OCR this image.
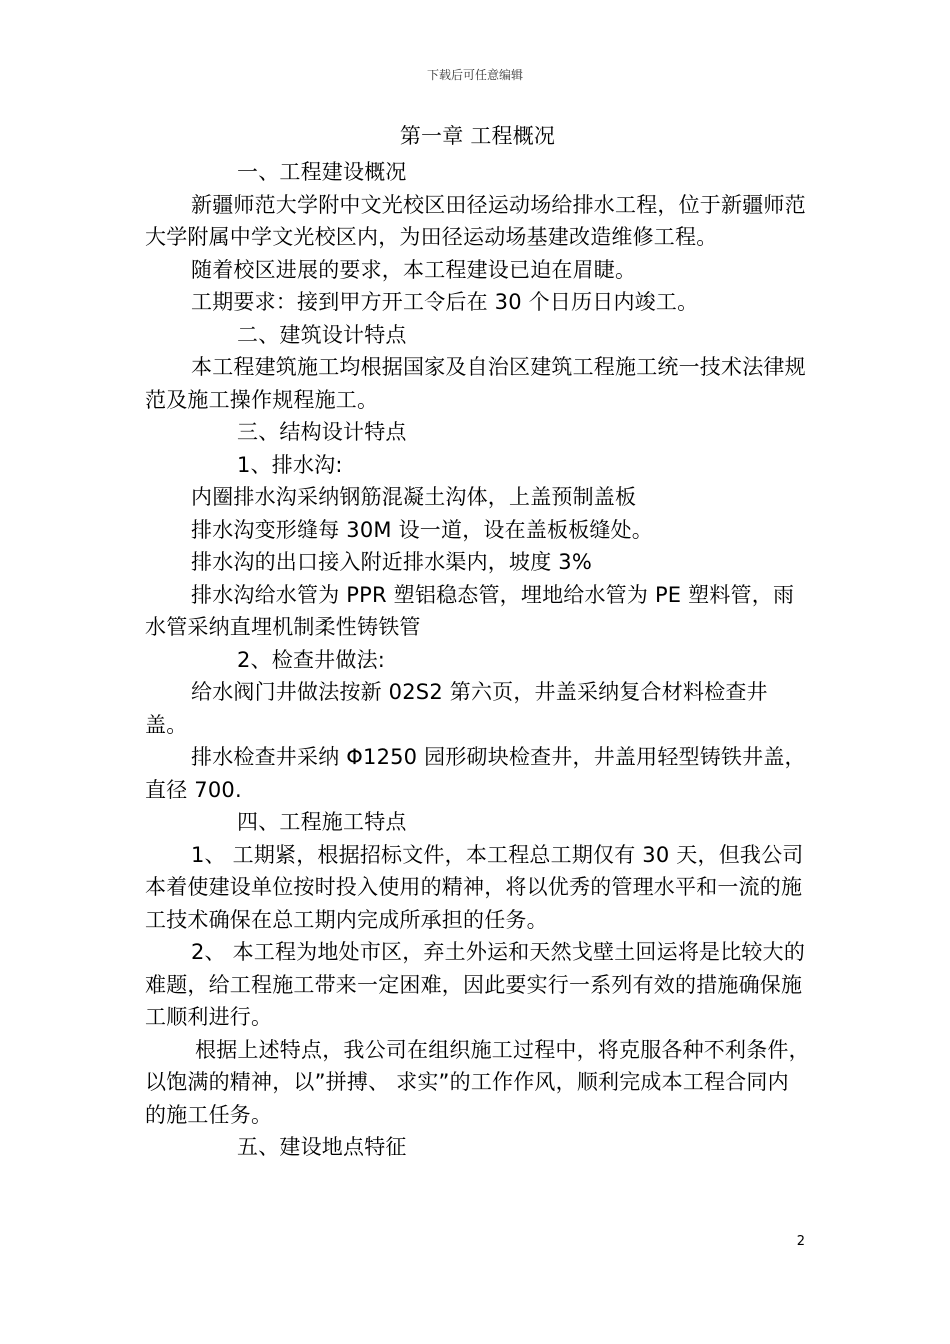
下载后可任意编辑

第一章 工程概况

一、工程建设概况

新疆师范大学附中文光校区田径运动场给排水工程，位于新疆师范大学附属中学文光校区内，为田径运动场基建改造维修工程。

随着校区进展的要求，本工程建设已迫在眉睫。

工期要求：接到甲方开工令后在 30 个日历日内竣工。

二、建筑设计特点

本工程建筑施工均根据国家及自治区建筑工程施工统一技术法律规范及施工操作规程施工。

三、结构设计特点

1、排水沟:

内圈排水沟采纳钢筋混凝土沟体，上盖预制盖板

排水沟变形缝每 30M 设一道，设在盖板板缝处。

排水沟的出口接入附近排水渠内，坡度 3%

排水沟给水管为 PPR 塑铝稳态管，埋地给水管为 PE 塑料管，雨水管采纳直埋机制柔性铸铁管

2、检查井做法:

给水阀门井做法按新 02S2 第六页，井盖采纳复合材料检查井盖。

排水检查井采纳 Φ1250 园形砌块检查井，井盖用轻型铸铁井盖，直径 700.

四、工程施工特点

1、 工期紧，根据招标文件，本工程总工期仅有 30 天，但我公司本着使建设单位按时投入使用的精神，将以优秀的管理水平和一流的施工技术确保在总工期内完成所承担的任务。

2、 本工程为地处市区，弃土外运和天然戈壁土回运将是比较大的难题，给工程施工带来一定困难，因此要实行一系列有效的措施确保施工顺利进行。

根据上述特点，我公司在组织施工过程中，将克服各种不利条件，以饱满的精神，以”拼搏、 求实”的工作作风，顺利完成本工程合同内的施工任务。

五、建设地点特征

2
